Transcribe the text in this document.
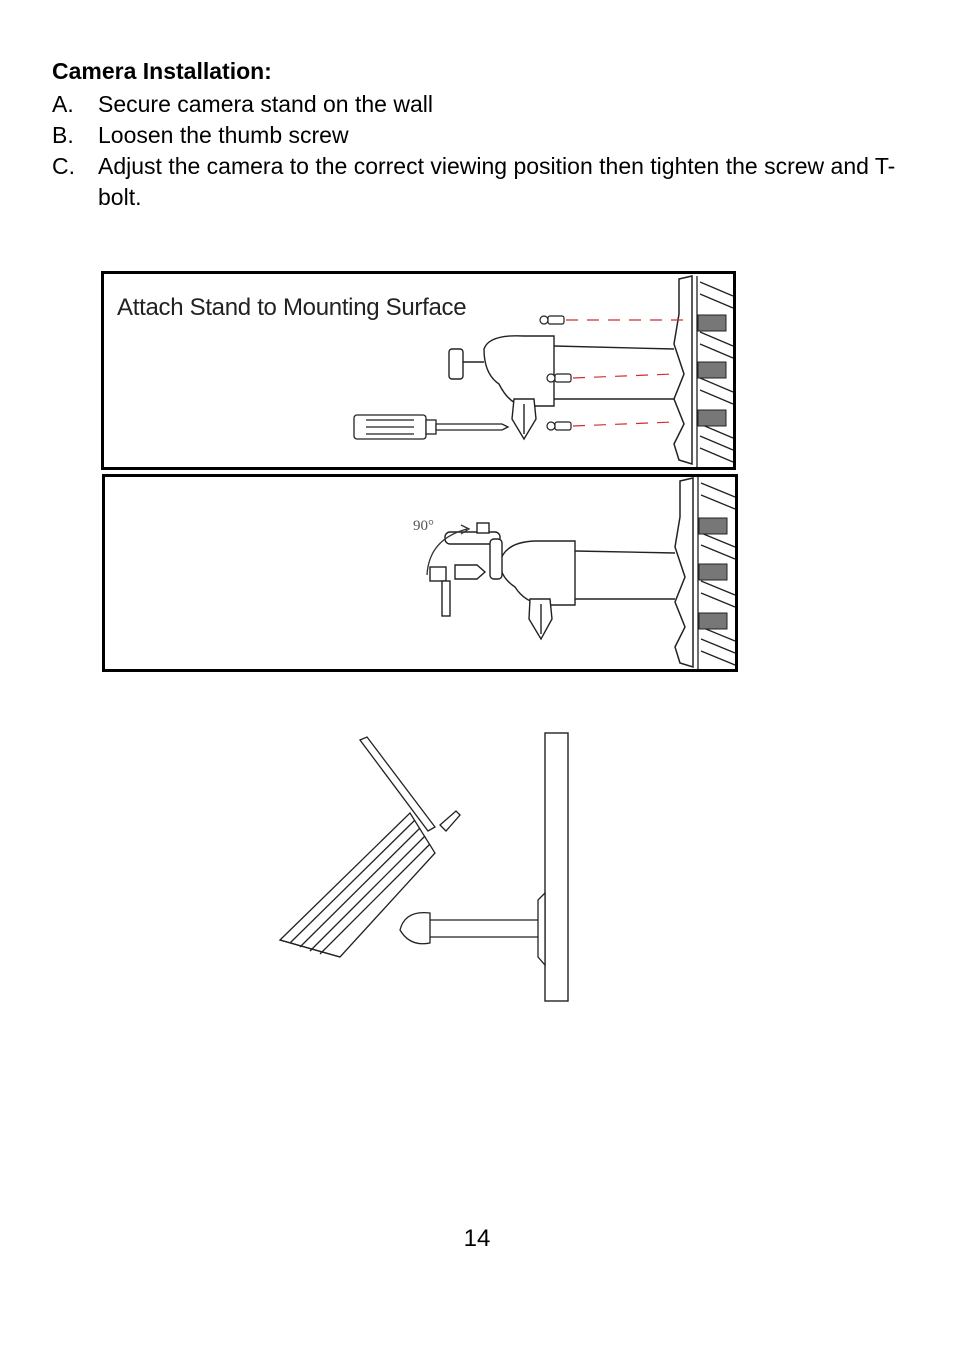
Camera Installation:
A. Secure camera stand on the wall
B. Loosen the thumb screw
C. Adjust the camera to the correct viewing position then tighten the screw and T-bolt.
Attach Stand to Mounting Surface
90°
14
